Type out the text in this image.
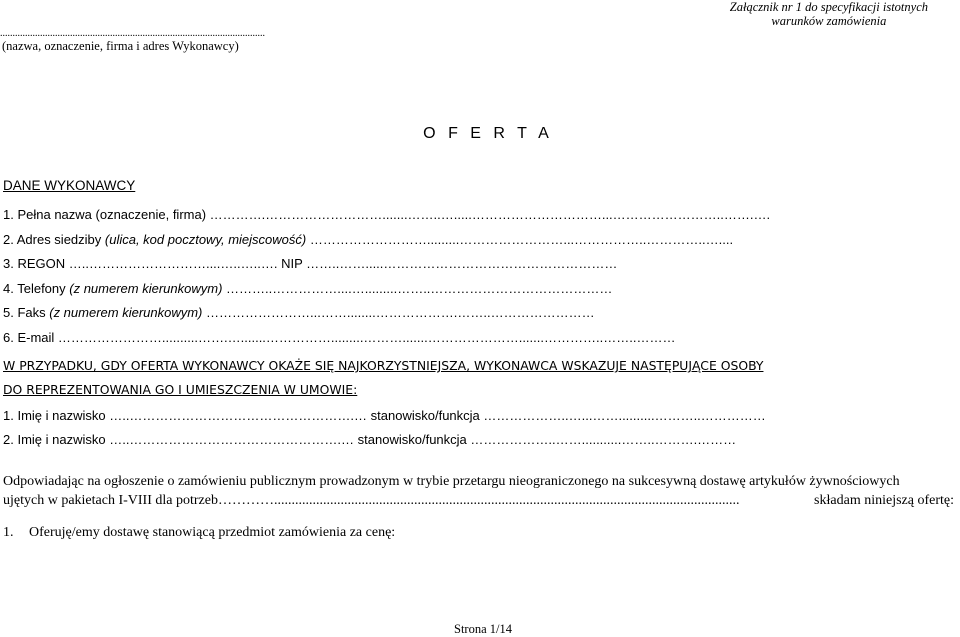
Załącznik nr 1 do specyfikacji istotnych
warunków zamówienia
..........................................................................................................
(nazwa, oznaczenie, firma i adres Wykonawcy)
O F E R T A
DANE WYKONAWCY
1. Pełna nazwa (oznaczenie, firma) ………….……………………….......……..….....…………………………...……………………..…….….
2. Adres siedziby (ulica, kod pocztowy, miejscowość) ……………………….........……………………...……………..…………..…....
3. REGON …..………………………....…..…..…. NIP ……..…….....………………………………………………
4. Telefony (z numerem kierunkowym) ………..……………....….........……..……………………………………
5. Faks (z numerem kierunkowym) ……………………...……........……………….……..……………………
6. E-mail ……………………..........…….….......…………….........……….......………………….......…………..……..………
W PRZYPADKU, GDY OFERTA WYKONAWCY OKAŻE SIĘ NAJKORZYSTNIEJSZA, WYKONAWCA WSKAZUJE NASTĘPUJĄCE OSOBY
DO REPREZENTOWANIA GO I UMIESZCZENIA W UMOWIE:
1. Imię i nazwisko …..…………………………………………….… stanowisko/funkcja ………………..…...……..........………..……………
2. Imię i nazwisko …..………………………………………….… stanowisko/funkcja ………………..……...........……..……….………
Odpowiadając na ogłoszenie o zamówieniu publicznym prowadzonym w trybie przetargu nieograniczonego na sukcesywną dostawę artykułów żywnościowych
ujętych w pakietach I-VIII dla potrzeb ………….....................................................................................................................................	składam niniejszą ofertę:
1. Oferuję/emy dostawę stanowiącą przedmiot zamówienia za cenę:
Strona 1/14
